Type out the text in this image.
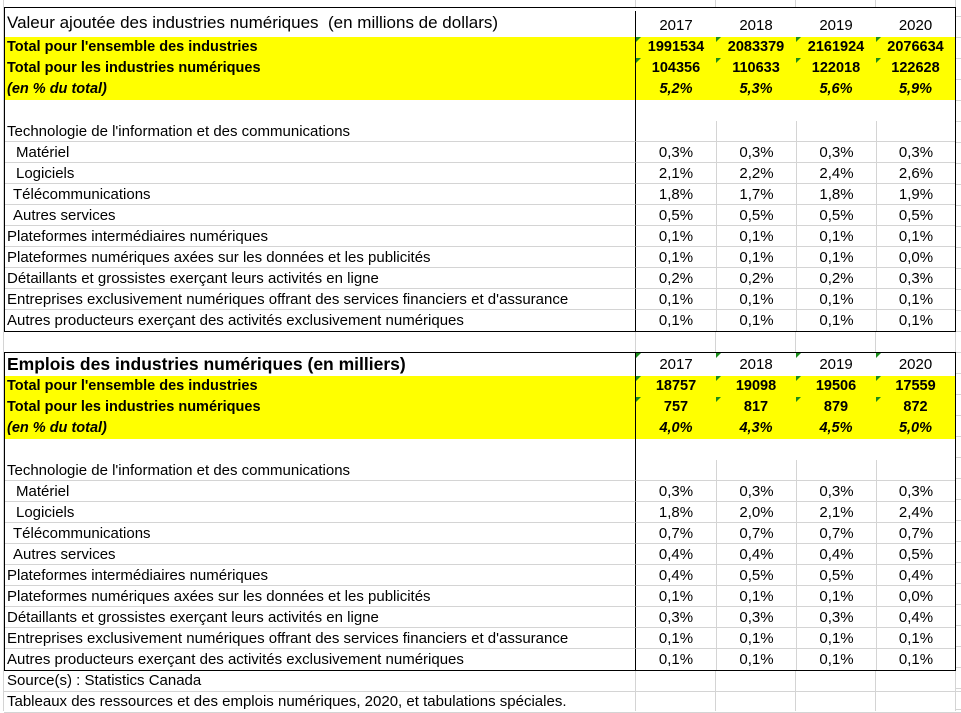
Valeur ajoutée des industries numériques  (en millions de dollars)	2017	2018	2019	2020
Total pour l'ensemble des industries	1991534	2083379	2161924	2076634
Total pour les industries numériques	104356	110633	122018	122628
(en % du total)	5,2%	5,3%	5,6%	5,9%
Technologie de l'information et des communications
Matériel	0,3%	0,3%	0,3%	0,3%
Logiciels	2,1%	2,2%	2,4%	2,6%
Télécommunications	1,8%	1,7%	1,8%	1,9%
Autres services	0,5%	0,5%	0,5%	0,5%
Plateformes intermédiaires numériques	0,1%	0,1%	0,1%	0,1%
Plateformes numériques axées sur les données et les publicités	0,1%	0,1%	0,1%	0,0%
Détaillants et grossistes exerçant leurs activités en ligne	0,2%	0,2%	0,2%	0,3%
Entreprises exclusivement numériques offrant des services financiers et d'assurance	0,1%	0,1%	0,1%	0,1%
Autres producteurs exerçant des activités exclusivement numériques	0,1%	0,1%	0,1%	0,1%
Emplois des industries numériques (en milliers)	2017	2018	2019	2020
Total pour l'ensemble des industries	18757	19098	19506	17559
Total pour les industries numériques	757	817	879	872
(en % du total)	4,0%	4,3%	4,5%	5,0%
Technologie de l'information et des communications
Matériel	0,3%	0,3%	0,3%	0,3%
Logiciels	1,8%	2,0%	2,1%	2,4%
Télécommunications	0,7%	0,7%	0,7%	0,7%
Autres services	0,4%	0,4%	0,4%	0,5%
Plateformes intermédiaires numériques	0,4%	0,5%	0,5%	0,4%
Plateformes numériques axées sur les données et les publicités	0,1%	0,1%	0,1%	0,0%
Détaillants et grossistes exerçant leurs activités en ligne	0,3%	0,3%	0,3%	0,4%
Entreprises exclusivement numériques offrant des services financiers et d'assurance	0,1%	0,1%	0,1%	0,1%
Autres producteurs exerçant des activités exclusivement numériques	0,1%	0,1%	0,1%	0,1%
Source(s) : Statistics Canada
Tableaux des ressources et des emplois numériques, 2020, et tabulations spéciales.
